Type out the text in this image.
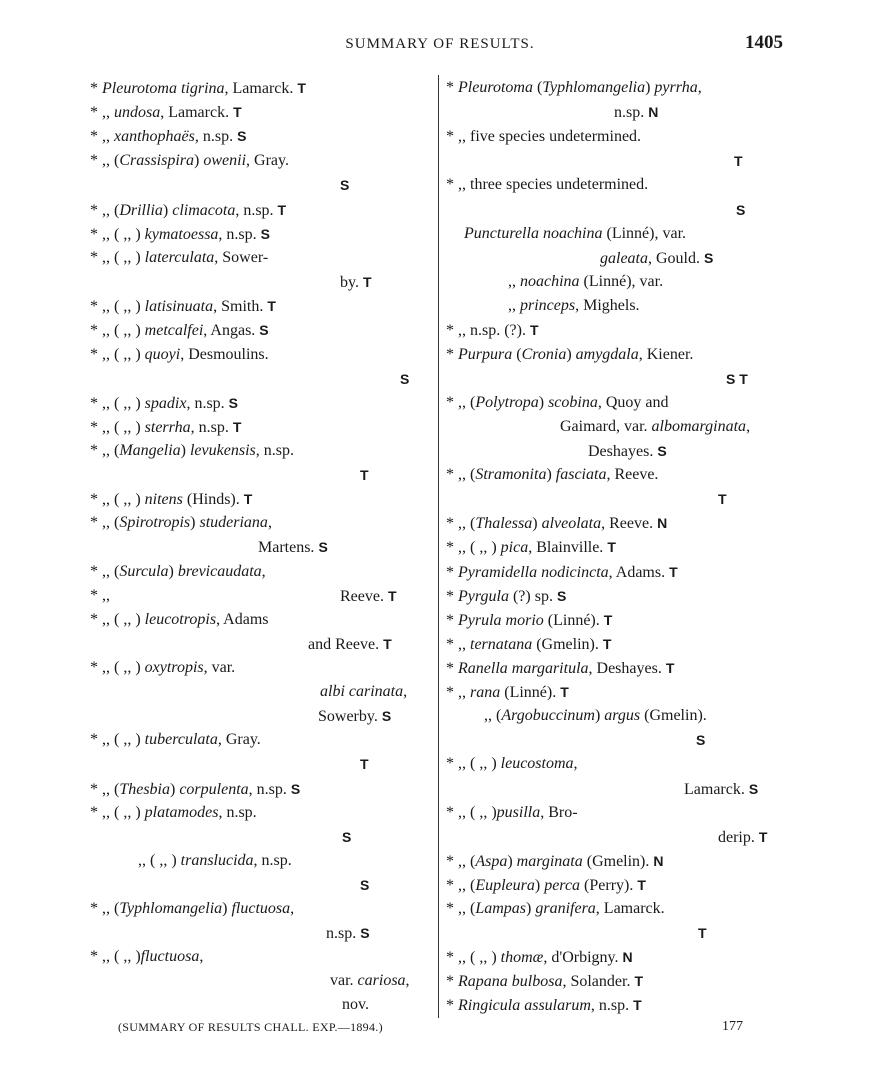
SUMMARY OF RESULTS.	1405
* Pleurotoma tigrina, Lamarck. T
* ,, undosa, Lamarck. T
* ,, xanthophaës, n.sp. S
* ,, (Crassispira) owenii, Gray.
S
* ,, (Drillia) climacota, n.sp. T
* ,, ( ,, ) kymatoessa, n.sp. S
* ,, ( ,, ) laterculata, Sower-
by. T
* ,, ( ,, ) latisinuata, Smith. T
* ,, ( ,, ) metcalfei, Angas. S
* ,, ( ,, ) quoyi, Desmoulins.
S
* ,, ( ,, ) spadix, n.sp. S
* ,, ( ,, ) sterrha, n.sp. T
* ,, (Mangelia) levukensis, n.sp.
T
* ,, ( ,, ) nitens (Hinds). T
* ,, (Spirotropis) studeriana,
Martens. S
* ,, (Surcula) brevicaudata,
Reeve. T
* ,,
* ,, ( ,, ) leucotropis, Adams
and Reeve. T
* ,, ( ,, ) oxytropis, var.
albi carinata,
Sowerby. S
* ,, ( ,, ) tuberculata, Gray.
T
* ,, (Thesbia) corpulenta, n.sp. S
* ,, ( ,, ) platamodes, n.sp.
S
,, ( ,, ) translucida, n.sp.
S
* ,, (Typhlomangelia) fluctuosa,
n.sp. S
* ,, ( ,, )fluctuosa,
var. cariosa,
nov.
* Pleurotoma (Typhlomangelia) pyrrha,
n.sp. N
* ,, five species undetermined.
T
* ,, three species undetermined.
S
Puncturella noachina (Linné), var.
galeata, Gould. S
,, noachina (Linné), var.
,, princeps, Mighels.
* ,, n.sp. (?). T
* Purpura (Cronia) amygdala, Kiener.
S T
* ,, (Polytropa) scobina, Quoy and
Gaimard, var. albomarginata,
Deshayes. S
* ,, (Stramonita) fasciata, Reeve.
T
* ,, (Thalessa) alveolata, Reeve. N
* ,, ( ,, ) pica, Blainville. T
* Pyramidella nodicincta, Adams. T
* Pyrgula (?) sp. S
* Pyrula morio (Linné). T
* ,, ternatana (Gmelin). T
* Ranella margaritula, Deshayes. T
* ,, rana (Linné). T
,, (Argobuccinum) argus (Gmelin).
S
* ,, ( ,, ) leucostoma,
Lamarck. S
* ,, ( ,, )pusilla, Bro-
derip. T
* ,, (Aspa) marginata (Gmelin). N
* ,, (Eupleura) perca (Perry). T
* ,, (Lampas) granifera, Lamarck.
T
* ,, ( ,, ) thomæ, d'Orbigny. N
* Rapana bulbosa, Solander. T
* Ringicula assularum, n.sp. T
(SUMMARY OF RESULTS CHALL. EXP.—1894.)	177
